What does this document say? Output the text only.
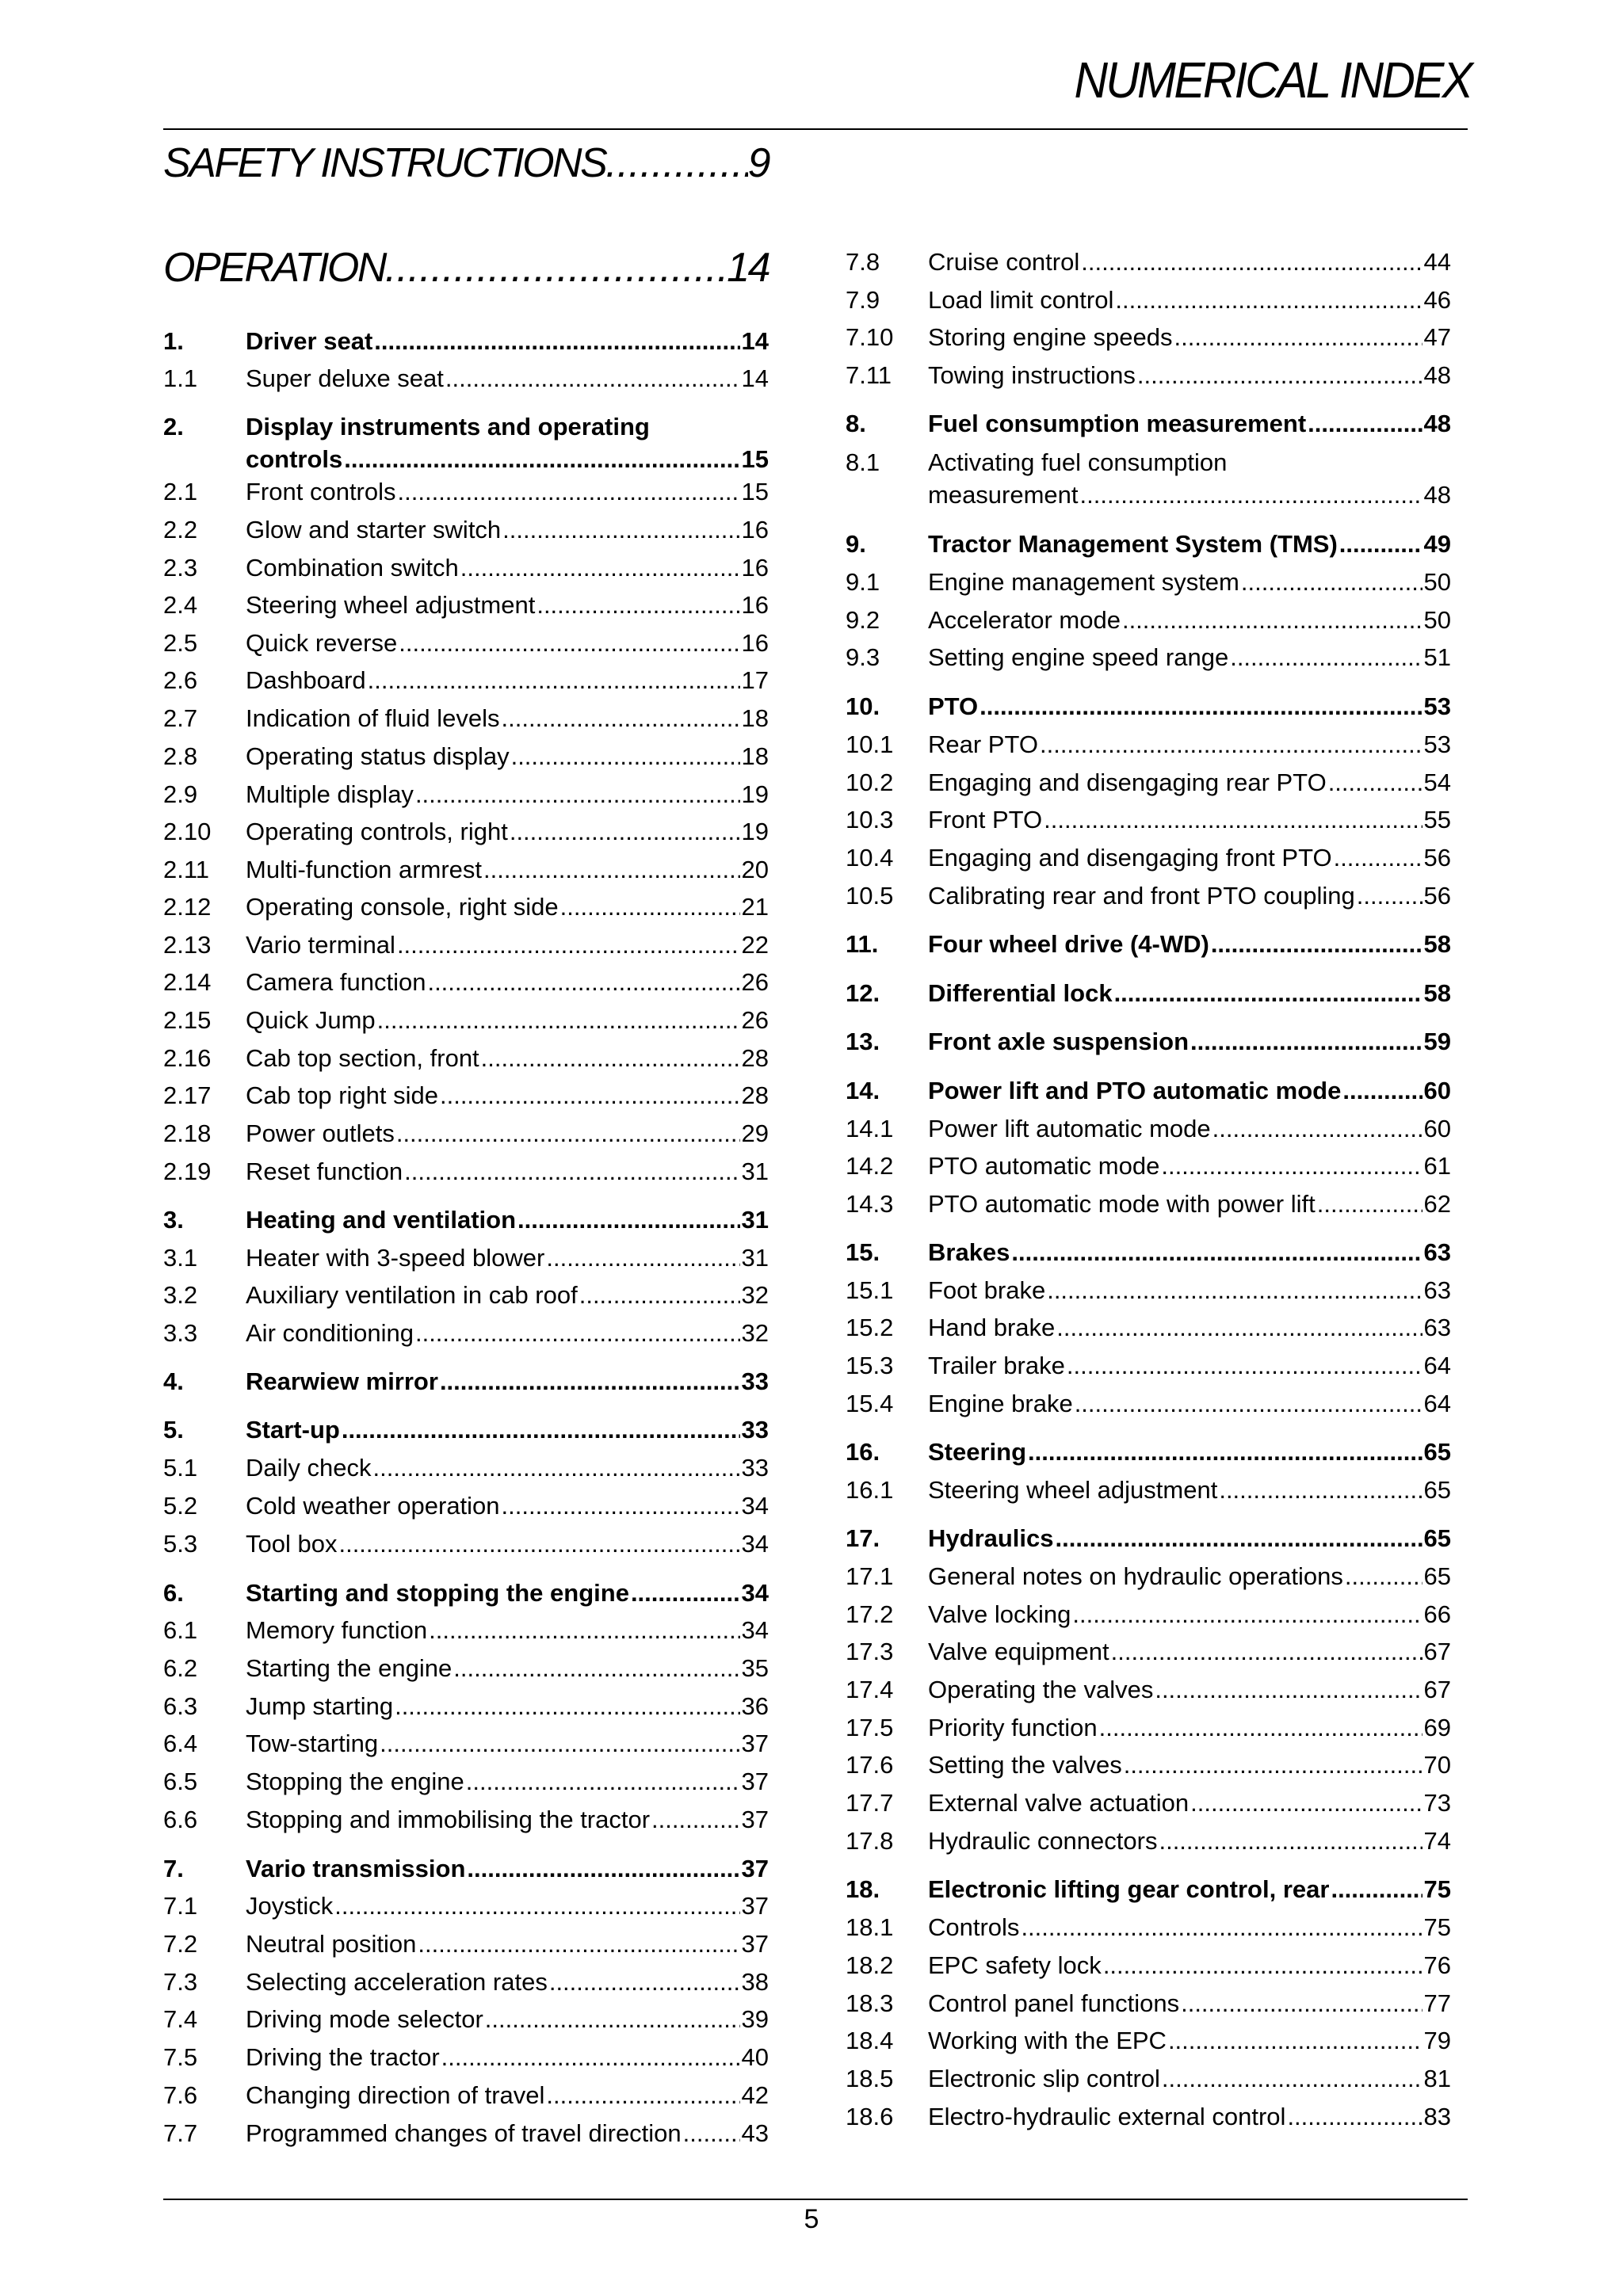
NUMERICAL INDEX
SAFETY INSTRUCTIONS .....	9
OPERATION .....	14
1.	Driver seat .....	14
1.1 Super deluxe seat .....	14
2.	Display instruments and operating
controls .....	15
2.1 Front controls .....	15
2.2 Glow and starter switch .....	16
2.3 Combination switch .....	16
2.4 Steering wheel adjustment .....	16
2.5 Quick reverse .....	16
2.6 Dashboard .....	17
2.7 Indication of fluid levels .....	18
2.8 Operating status display .....	18
2.9 Multiple display .....	19
2.10 Operating controls, right .....	19
2.11 Multi-function armrest .....	20
2.12 Operating console, right side .....	21
2.13 Vario terminal .....	22
2.14 Camera function .....	26
2.15 Quick Jump .....	26
2.16 Cab top section, front .....	28
2.17 Cab top right side .....	28
2.18 Power outlets .....	29
2.19 Reset function .....	31
3.	Heating and ventilation .....	31
3.1 Heater with 3-speed blower .....	31
3.2 Auxiliary ventilation in cab roof .....	32
3.3 Air conditioning .....	32
4.	Rearwiew mirror .....	33
5.	Start-up .....	33
5.1 Daily check .....	33
5.2 Cold weather operation .....	34
5.3 Tool box .....	34
6.	Starting and stopping the engine .....	34
6.1 Memory function .....	34
6.2 Starting the engine .....	35
6.3 Jump starting .....	36
6.4 Tow-starting .....	37
6.5 Stopping the engine .....	37
6.6 Stopping and immobilising the tractor .....	37
7.	Vario transmission .....	37
7.1 Joystick .....	37
7.2 Neutral position .....	37
7.3 Selecting acceleration rates .....	38
7.4 Driving mode selector .....	39
7.5 Driving the tractor .....	40
7.6 Changing direction of travel .....	42
7.7 Programmed changes of travel direction ..... 43
7.8 Cruise control .....	44
7.9 Load limit control .....	46
7.10 Storing engine speeds .....	47
7.11 Towing instructions .....	48
8.	Fuel consumption measurement .....	48
8.1 Activating fuel consumption
measurement .....	48
9.	Tractor Management System (TMS) .....	49
9.1 Engine management system .....	50
9.2 Accelerator mode .....	50
9.3 Setting engine speed range .....	51
10. PTO .....	53
10.1 Rear PTO .....	53
10.2 Engaging and disengaging rear PTO .....	54
10.3 Front PTO .....	55
10.4 Engaging and disengaging front PTO .....	56
10.5 Calibrating rear and front PTO coupling .....	56
11. Four wheel drive (4-WD) .....	58
12. Differential lock .....	58
13. Front axle suspension .....	59
14. Power lift and PTO automatic mode .....	60
14.1 Power lift automatic mode .....	60
14.2 PTO automatic mode .....	61
14.3 PTO automatic mode with power lift .....	62
15. Brakes .....	63
15.1 Foot brake .....	63
15.2 Hand brake .....	63
15.3 Trailer brake .....	64
15.4 Engine brake .....	64
16. Steering .....	65
16.1 Steering wheel adjustment .....	65
17. Hydraulics .....	65
17.1 General notes on hydraulic operations .....	65
17.2 Valve locking .....	66
17.3 Valve equipment .....	67
17.4 Operating the valves .....	67
17.5 Priority function .....	69
17.6 Setting the valves .....	70
17.7 External valve actuation .....	73
17.8 Hydraulic connectors .....	74
18. Electronic lifting gear control, rear .....	75
18.1 Controls .....	75
18.2 EPC safety lock .....	76
18.3 Control panel functions .....	77
18.4 Working with the EPC .....	79
18.5 Electronic slip control .....	81
18.6 Electro-hydraulic external control .....	83
5
